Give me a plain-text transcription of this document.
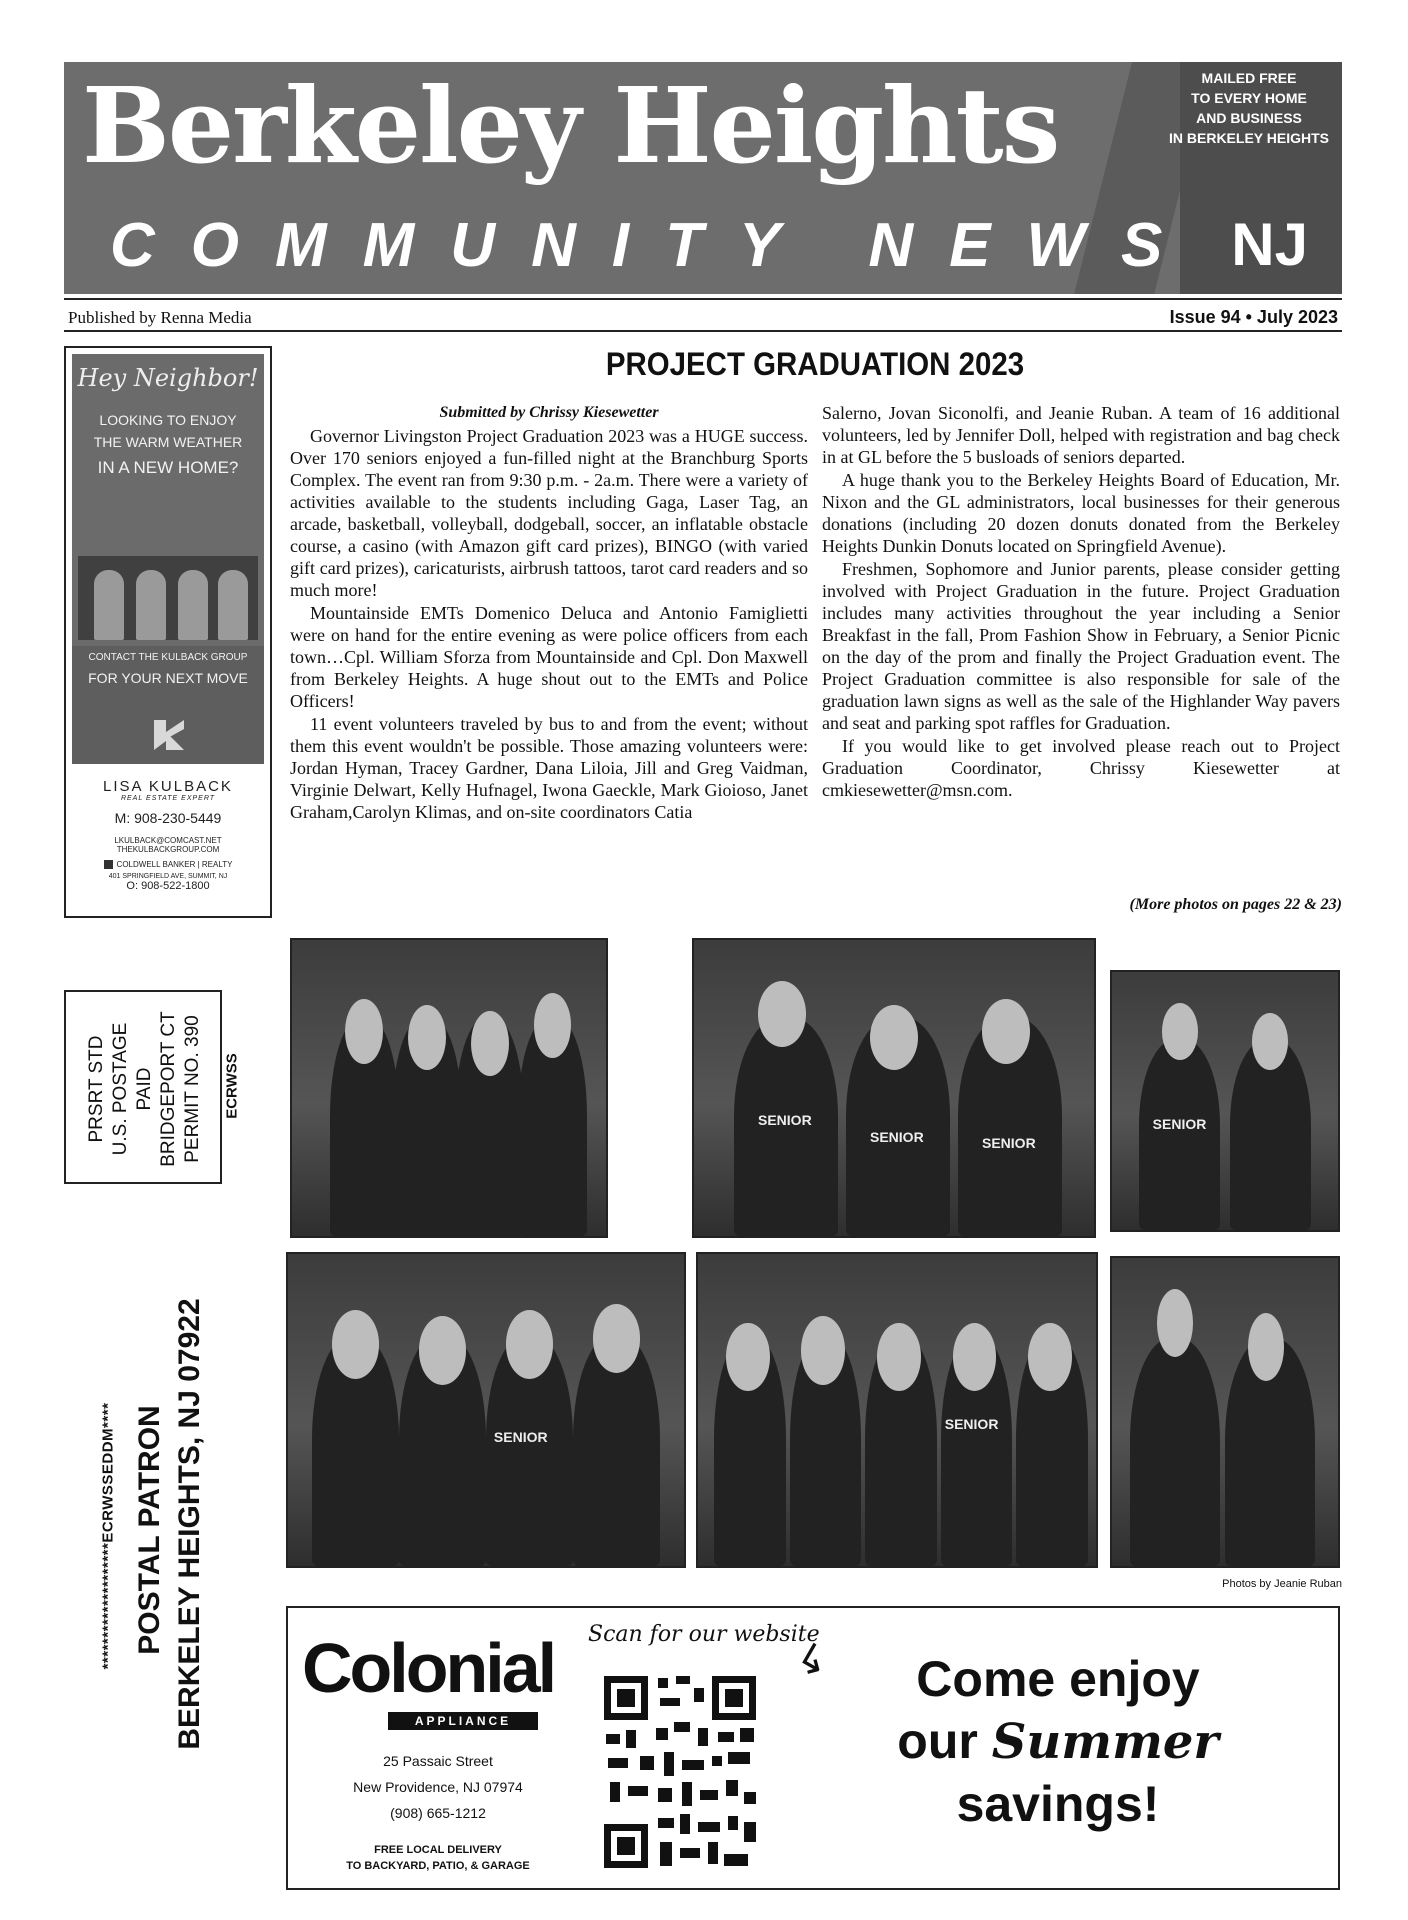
Berkeley Heights
COMMUNITY NEWS
MAILED FREE
TO EVERY HOME
AND BUSINESS
IN BERKELEY HEIGHTS
NJ
Published by Renna Media	Issue 94 • July 2023
Hey Neighbor!
LOOKING TO ENJOY
THE WARM WEATHER
IN A NEW HOME?
CONTACT THE KULBACK GROUP
FOR YOUR NEXT MOVE
LISA KULBACK
REAL ESTATE EXPERT
M: 908-230-5449
LKULBACK@COMCAST.NET
THEKULBACKGROUP.COM
COLDWELL BANKER | REALTY
401 SPRINGFIELD AVE, SUMMIT, NJ
O: 908-522-1800
PRSRT STD U.S. POSTAGE PAID BRIDGEPORT CT PERMIT NO. 390 ECRWSS
********************ECRWSSEDDM**** POSTAL PATRON BERKELEY HEIGHTS, NJ 07922
PROJECT GRADUATION 2023
Submitted by Chrissy Kiesewetter

Governor Livingston Project Graduation 2023 was a HUGE success. Over 170 seniors enjoyed a fun-filled night at the Branchburg Sports Complex. The event ran from 9:30 p.m. - 2a.m. There were a variety of activities available to the students including Gaga, Laser Tag, an arcade, basketball, volleyball, dodgeball, soccer, an inflatable obstacle course, a casino (with Amazon gift card prizes), BINGO (with varied gift card prizes), caricaturists, airbrush tattoos, tarot card readers and so much more!

Mountainside EMTs Domenico Deluca and Antonio Famiglietti were on hand for the entire evening as were police officers from each town…Cpl. William Sforza from Mountainside and Cpl. Don Maxwell from Berkeley Heights. A huge shout out to the EMTs and Police Officers!

11 event volunteers traveled by bus to and from the event; without them this event wouldn't be possible. Those amazing volunteers were: Jordan Hyman, Tracey Gardner, Dana Liloia, Jill and Greg Vaidman, Virginie Delwart, Kelly Hufnagel, Iwona Gaeckle, Mark Gioioso, Janet Graham,Carolyn Klimas, and on-site coordinators Catia

Salerno, Jovan Siconolfi, and Jeanie Ruban. A team of 16 additional volunteers, led by Jennifer Doll, helped with registration and bag check in at GL before the 5 busloads of seniors departed.

A huge thank you to the Berkeley Heights Board of Education, Mr. Nixon and the GL administrators, local businesses for their generous donations (including 20 dozen donuts donated from the Berkeley Heights Dunkin Donuts located on Springfield Avenue).

Freshmen, Sophomore and Junior parents, please consider getting involved with Project Graduation in the future. Project Graduation includes many activities throughout the year including a Senior Breakfast in the fall, Prom Fashion Show in February, a Senior Picnic on the day of the prom and finally the Project Graduation event. The Project Graduation committee is also responsible for sale of the graduation lawn signs as well as the sale of the Highlander Way pavers and seat and parking spot raffles for Graduation.

If you would like to get involved please reach out to Project Graduation Coordinator, Chrissy Kiesewetter at cmkiesewetter@msn.com.

(More photos on pages 22 & 23)
SENIOR
SENIOR	SENIOR
SENIOR
SENIOR
SENIOR
Photos by Jeanie Ruban
Colonial
APPLIANCE
25 Passaic Street
New Providence, NJ 07974
(908) 665-1212
FREE LOCAL DELIVERY
TO BACKYARD, PATIO, & GARAGE
Scan for our website
↳	Come enjoy
our Summer
savings!
